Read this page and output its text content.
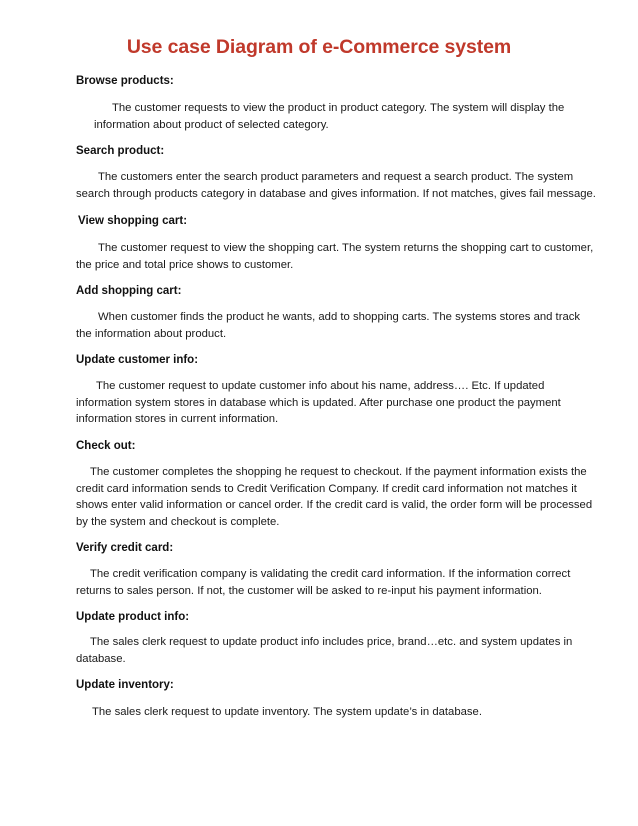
Use case Diagram of e-Commerce system
Browse products:
The customer requests to view the product in product category. The system will display the
information about product of selected category.
Search product:
The customers enter the search product parameters and request a search product. The system
search through products category in database and gives information. If not matches, gives fail message.
View shopping cart:
The customer request to view the shopping cart. The system returns the shopping cart to customer,
the price and total price shows to customer.
Add shopping cart:
When customer finds the product he wants, add to shopping carts. The systems stores and track
the information about product.
Update customer info:
The customer request to update customer info about his name, address…. Etc. If updated
information system stores in database which is updated. After purchase one product the payment
information stores in current information.
Check out:
The customer completes the shopping he request to checkout. If the payment information exists the
credit card information sends to Credit Verification Company. If credit card information not matches it
shows enter valid information or cancel order. If the credit card is valid, the order form will be processed
by the system and checkout is complete.
Verify credit card:
The credit verification company is validating the credit card information. If the information correct
returns to sales person. If not, the customer will be asked to re-input his payment information.
Update product info:
The sales clerk request to update product info includes price, brand…etc. and system updates in
database.
Update inventory:
The sales clerk request to update inventory. The system update’s in database.
